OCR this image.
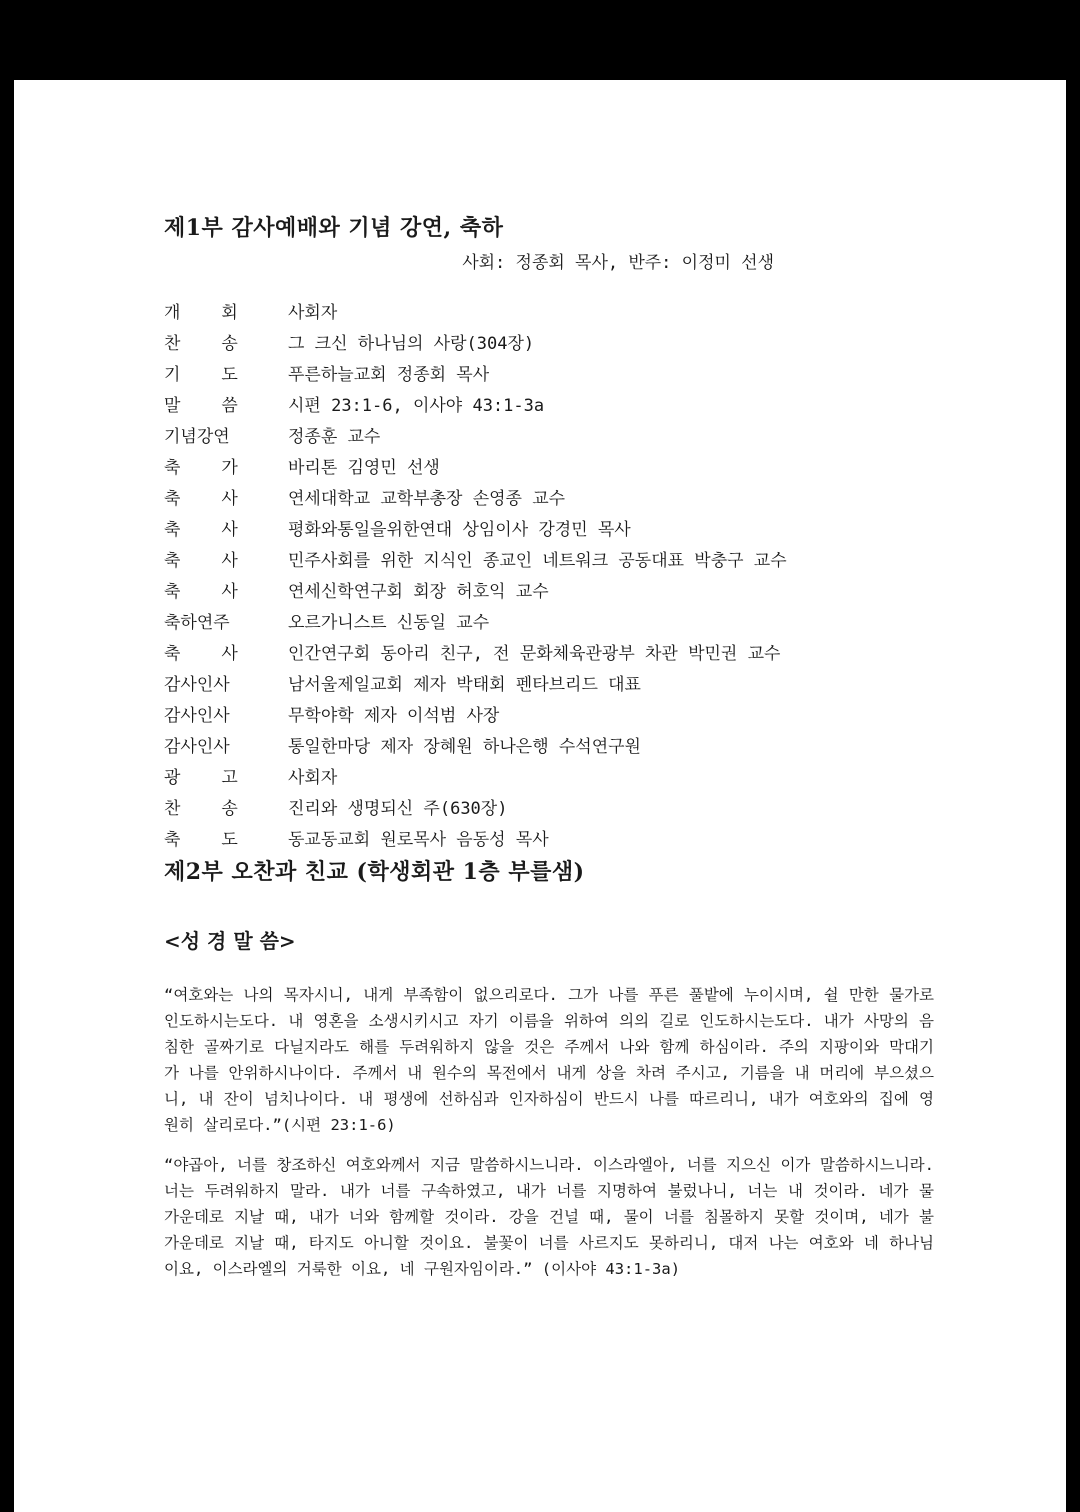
제1부 감사예배와 기념 강연, 축하
사회: 정종회 목사, 반주: 이정미 선생
개    회	사회자
찬    송	그 크신 하나님의 사랑(304장)
기    도	푸른하늘교회 정종회 목사
말    씀	시편 23:1-6, 이사야 43:1-3a
기념강연	정종훈 교수
축    가	바리톤 김영민 선생
축    사	연세대학교 교학부총장 손영종 교수
축    사	평화와통일을위한연대 상임이사 강경민 목사
축    사	민주사회를 위한 지식인 종교인 네트워크 공동대표 박충구 교수
축    사	연세신학연구회 회장 허호익 교수
축하연주	오르가니스트 신동일 교수
축    사	인간연구회 동아리 친구, 전 문화체육관광부 차관 박민권 교수
감사인사	남서울제일교회 제자 박태회 펜타브리드 대표
감사인사	무학야학 제자 이석범 사장
감사인사	통일한마당 제자 장혜원 하나은행 수석연구원
광    고	사회자
찬    송	진리와 생명되신 주(630장)
축    도	동교동교회 원로목사 음동성 목사
제2부 오찬과 친교 (학생회관 1층 부를샘)
<성 경 말 씀>

“여호와는 나의 목자시니, 내게 부족함이 없으리로다. 그가 나를 푸른 풀밭에 누이시며, 쉴 만한 물가로 인도하시는도다. 내 영혼을 소생시키시고 자기 이름을 위하여 의의 길로 인도하시는도다. 내가 사망의 음침한 골짜기로 다닐지라도 해를 두려워하지 않을 것은 주께서 나와 함께 하심이라. 주의 지팡이와 막대기가 나를 안위하시나이다. 주께서 내 원수의 목전에서 내게 상을 차려 주시고, 기름을 내 머리에 부으셨으니, 내 잔이 넘치나이다. 내 평생에 선하심과 인자하심이 반드시 나를 따르리니, 내가 여호와의 집에 영원히 살리로다.”(시편 23:1-6)

“야곱아, 너를 창조하신 여호와께서 지금 말씀하시느니라. 이스라엘아, 너를 지으신 이가 말씀하시느니라. 너는 두려워하지 말라. 내가 너를 구속하였고, 내가 너를 지명하여 불렀나니, 너는 내 것이라. 네가 물 가운데로 지날 때, 내가 너와 함께할 것이라. 강을 건널 때, 물이 너를 침몰하지 못할 것이며, 네가 불 가운데로 지날 때, 타지도 아니할 것이요. 불꽃이 너를 사르지도 못하리니, 대저 나는 여호와 네 하나님이요, 이스라엘의 거룩한 이요, 네 구원자임이라.” (이사야 43:1-3a)
